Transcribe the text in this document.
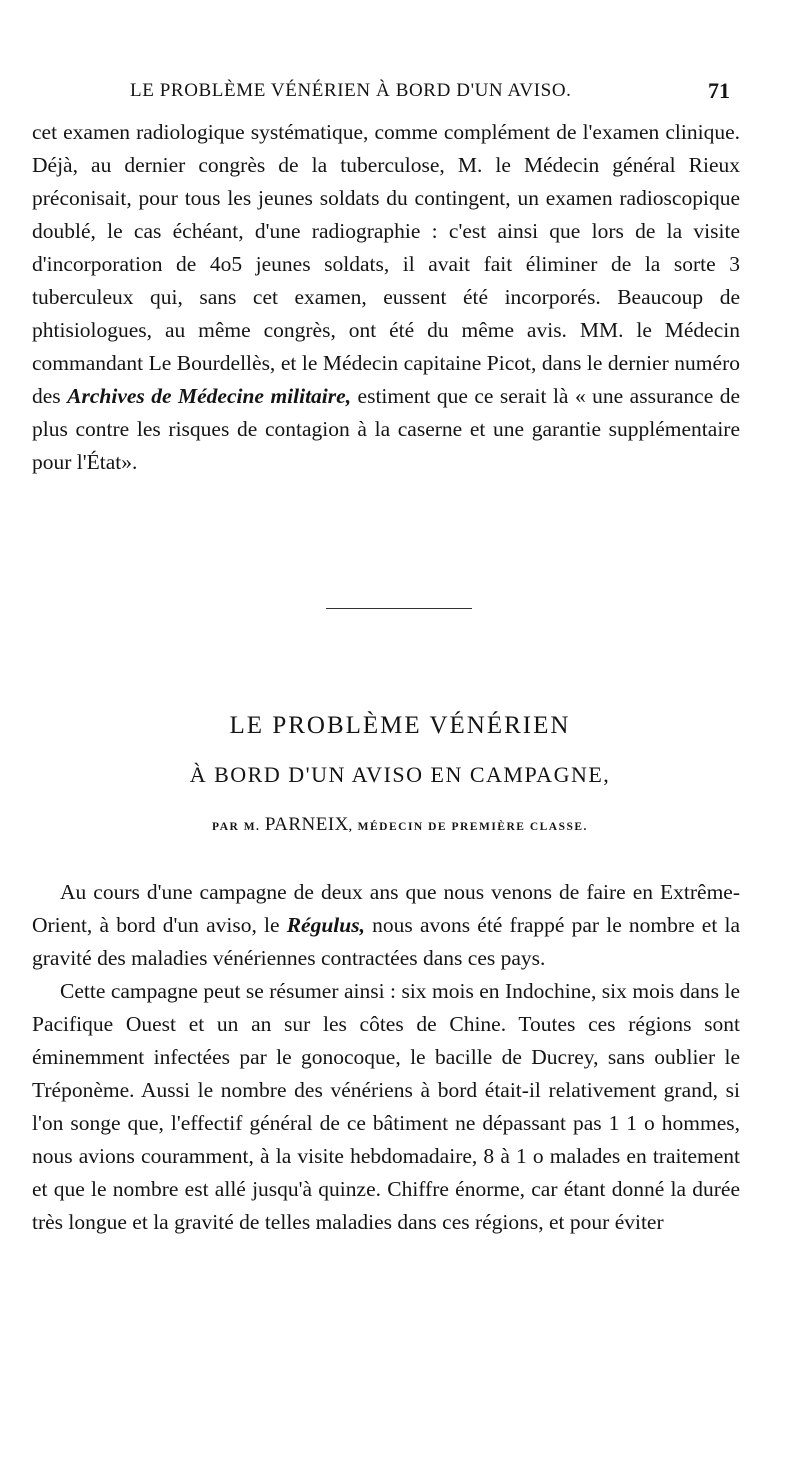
LE PROBLÈME VÉNÉRIEN À BORD D'UN AVISO.	71

cet examen radiologique systématique, comme complément de l'examen clinique. Déjà, au dernier congrès de la tuberculose, M. le Médecin général Rieux préconisait, pour tous les jeunes soldats du contingent, un examen radioscopique doublé, le cas échéant, d'une radiographie : c'est ainsi que lors de la visite d'incorporation de 4o5 jeunes soldats, il avait fait éliminer de la sorte 3 tuberculeux qui, sans cet examen, eussent été incorporés. Beaucoup de phtisiologues, au même congrès, ont été du même avis. MM. le Médecin commandant Le Bourdellès, et le Médecin capitaine Picot, dans le dernier numéro des Archives de Médecine militaire, estiment que ce serait là « une assurance de plus contre les risques de contagion à la caserne et une garantie supplémentaire pour l'État».

LE PROBLÈME VÉNÉRIEN
À BORD D'UN AVISO EN CAMPAGNE,
PAR M. PARNEIX, MÉDECIN DE PREMIÈRE CLASSE.

Au cours d'une campagne de deux ans que nous venons de faire en Extrême-Orient, à bord d'un aviso, le Régulus, nous avons été frappé par le nombre et la gravité des maladies vénériennes contractées dans ces pays.

Cette campagne peut se résumer ainsi : six mois en Indochine, six mois dans le Pacifique Ouest et un an sur les côtes de Chine. Toutes ces régions sont éminemment infectées par le gonocoque, le bacille de Ducrey, sans oublier le Tréponème. Aussi le nombre des vénériens à bord était-il relativement grand, si l'on songe que, l'effectif général de ce bâtiment ne dépassant pas 1 1 o hommes, nous avions couramment, à la visite hebdomadaire, 8 à 1 o malades en traitement et que le nombre est allé jusqu'à quinze. Chiffre énorme, car étant donné la durée très longue et la gravité de telles maladies dans ces régions, et pour éviter
